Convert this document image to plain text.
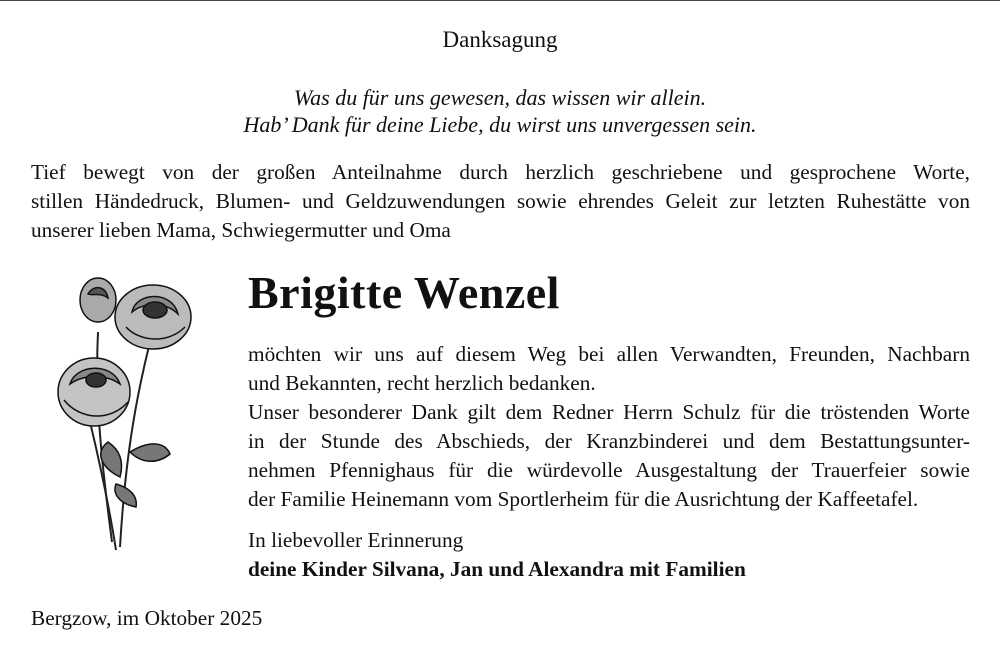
Danksagung
Was du für uns gewesen, das wissen wir allein.
Hab’ Dank für deine Liebe, du wirst uns unvergessen sein.
Tief bewegt von der großen Anteilnahme durch herzlich geschriebene und gesprochene Worte,
stillen Händedruck, Blumen- und Geldzuwendungen sowie ehrendes Geleit zur letzten Ruhestätte von
unserer lieben Mama, Schwiegermutter und Oma
Brigitte Wenzel
möchten wir uns auf diesem Weg bei allen Verwandten, Freunden, Nachbarn
und Bekannten, recht herzlich bedanken.
Unser besonderer Dank gilt dem Redner Herrn Schulz für die tröstenden Worte
in der Stunde des Abschieds, der Kranzbinderei und dem Bestattungsunter-
nehmen Pfennighaus für die würdevolle Ausgestaltung der Trauerfeier sowie
der Familie Heinemann vom Sportlerheim für die Ausrichtung der Kaffeetafel.
In liebevoller Erinnerung
deine Kinder Silvana, Jan und Alexandra mit Familien
Bergzow, im Oktober 2025
